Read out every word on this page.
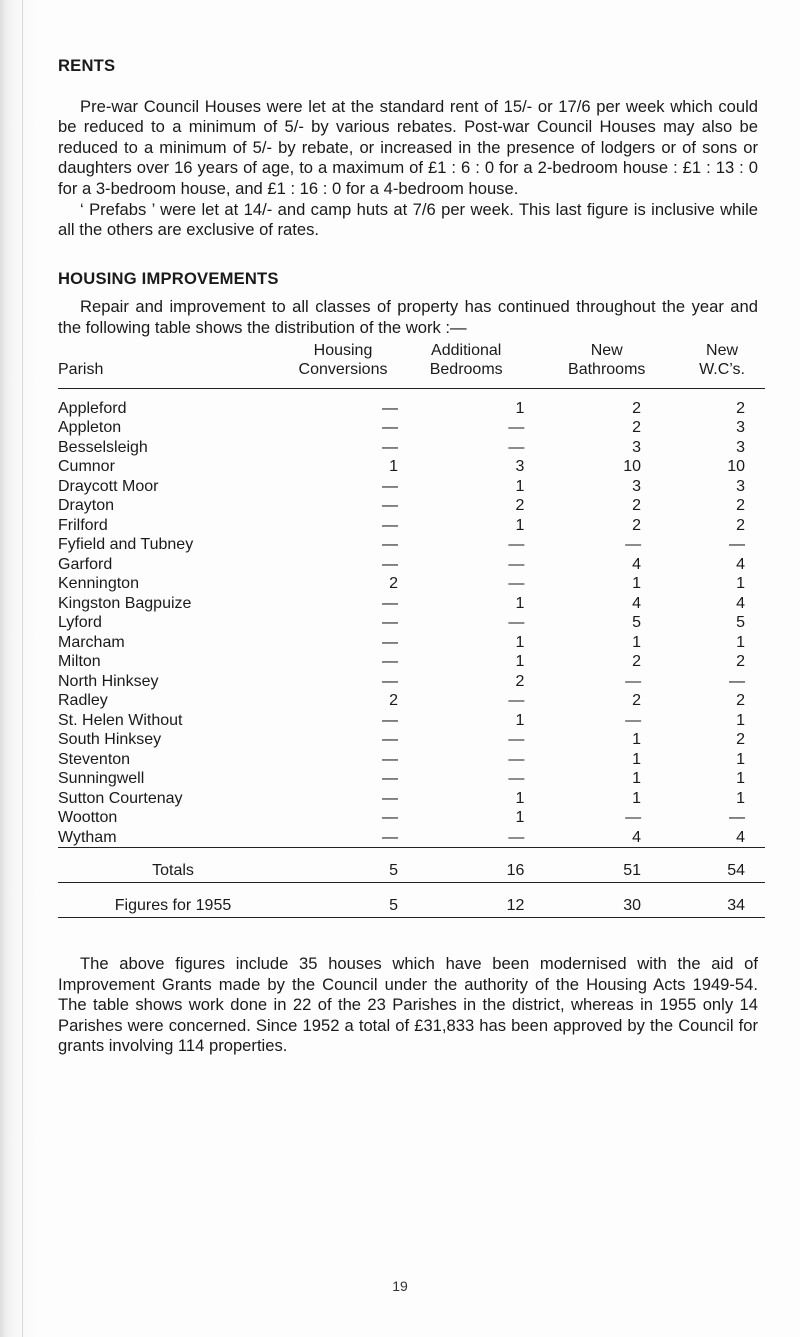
RENTS

Pre-war Council Houses were let at the standard rent of 15/- or 17/6 per week which could be reduced to a minimum of 5/- by various rebates. Post-war Council Houses may also be reduced to a minimum of 5/- by rebate, or increased in the presence of lodgers or of sons or daughters over 16 years of age, to a maximum of £1 : 6 : 0 for a 2-bedroom house : £1 : 13 : 0 for a 3-bedroom house, and £1 : 16 : 0 for a 4-bedroom house.

‘ Prefabs ’ were let at 14/- and camp huts at 7/6 per week. This last figure is inclusive while all the others are exclusive of rates.

HOUSING IMPROVEMENTS

Repair and improvement to all classes of property has continued throughout the year and the following table shows the distribution of the work :—

	Housing	Additional	New	New
Parish	Conversions	Bedrooms	Bathrooms	W.C’s.

Appleford	—	1	2	2
Appleton	—	—	2	3
Besselsleigh	—	—	3	3
Cumnor	1	3	10	10
Draycott Moor	—	1	3	3
Drayton	—	2	2	2
Frilford	—	1	2	2
Fyfield and Tubney	—	—	—	—
Garford	—	—	4	4
Kennington	2	—	1	1
Kingston Bagpuize	—	1	4	4
Lyford	—	—	5	5
Marcham	—	1	1	1
Milton	—	1	2	2
North Hinksey	—	2	—	—
Radley	2	—	2	2
St. Helen Without	—	1	—	1
South Hinksey	—	—	1	2
Steventon	—	—	1	1
Sunningwell	—	—	1	1
Sutton Courtenay	—	1	1	1
Wootton	—	1	—	—
Wytham	—	—	4	4

Totals	5	16	51	54

Figures for 1955	5	12	30	34

The above figures include 35 houses which have been modernised with the aid of Improvement Grants made by the Council under the authority of the Housing Acts 1949-54. The table shows work done in 22 of the 23 Parishes in the district, whereas in 1955 only 14 Parishes were concerned. Since 1952 a total of £31,833 has been approved by the Council for grants involving 114 properties.

19
